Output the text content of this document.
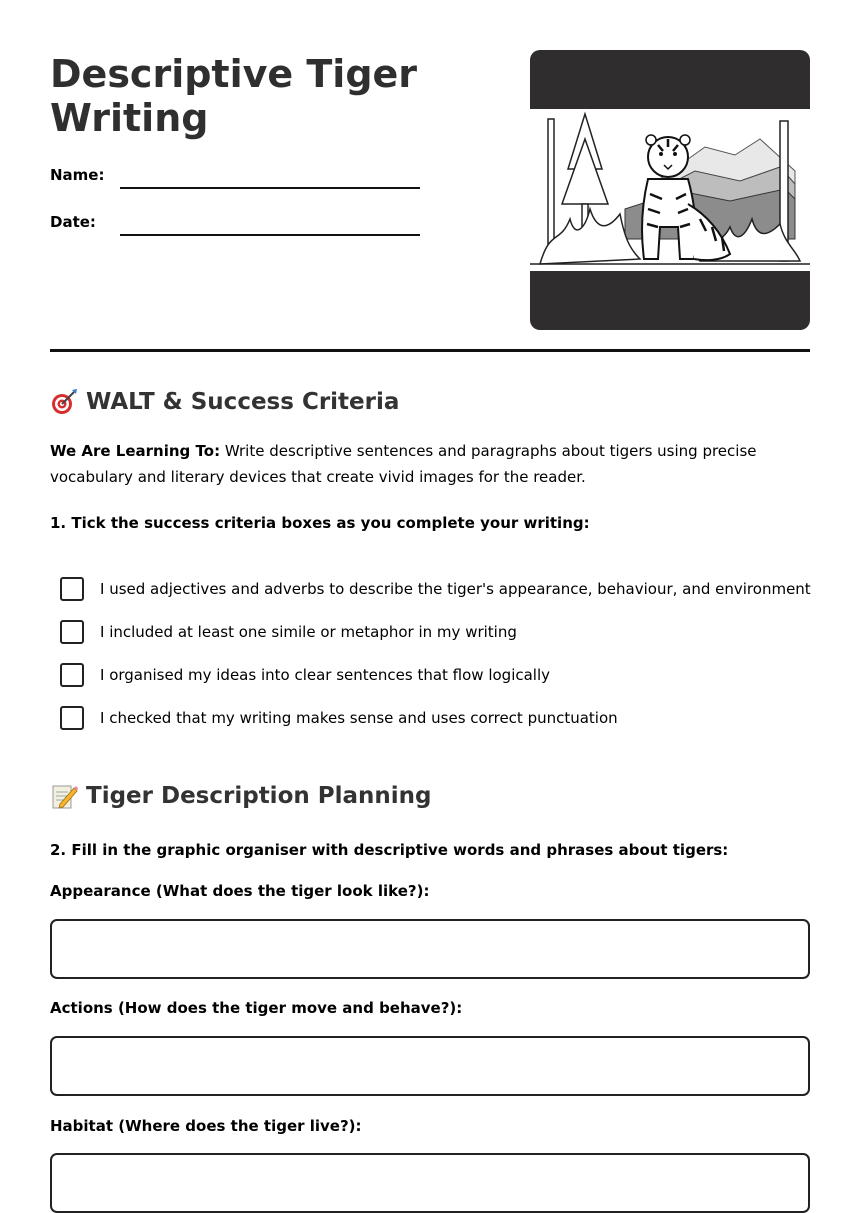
Descriptive Tiger
Writing
Name:
Date:
WALT & Success Criteria

We Are Learning To: Write descriptive sentences and paragraphs about tigers using precise vocabulary and literary devices that create vivid images for the reader.

1. Tick the success criteria boxes as you complete your writing:

I used adjectives and adverbs to describe the tiger's appearance, behaviour, and environment
I included at least one simile or metaphor in my writing
I organised my ideas into clear sentences that flow logically
I checked that my writing makes sense and uses correct punctuation
Tiger Description Planning

2. Fill in the graphic organiser with descriptive words and phrases about tigers:

Appearance (What does the tiger look like?):
Actions (How does the tiger move and behave?):
Habitat (Where does the tiger live?):
